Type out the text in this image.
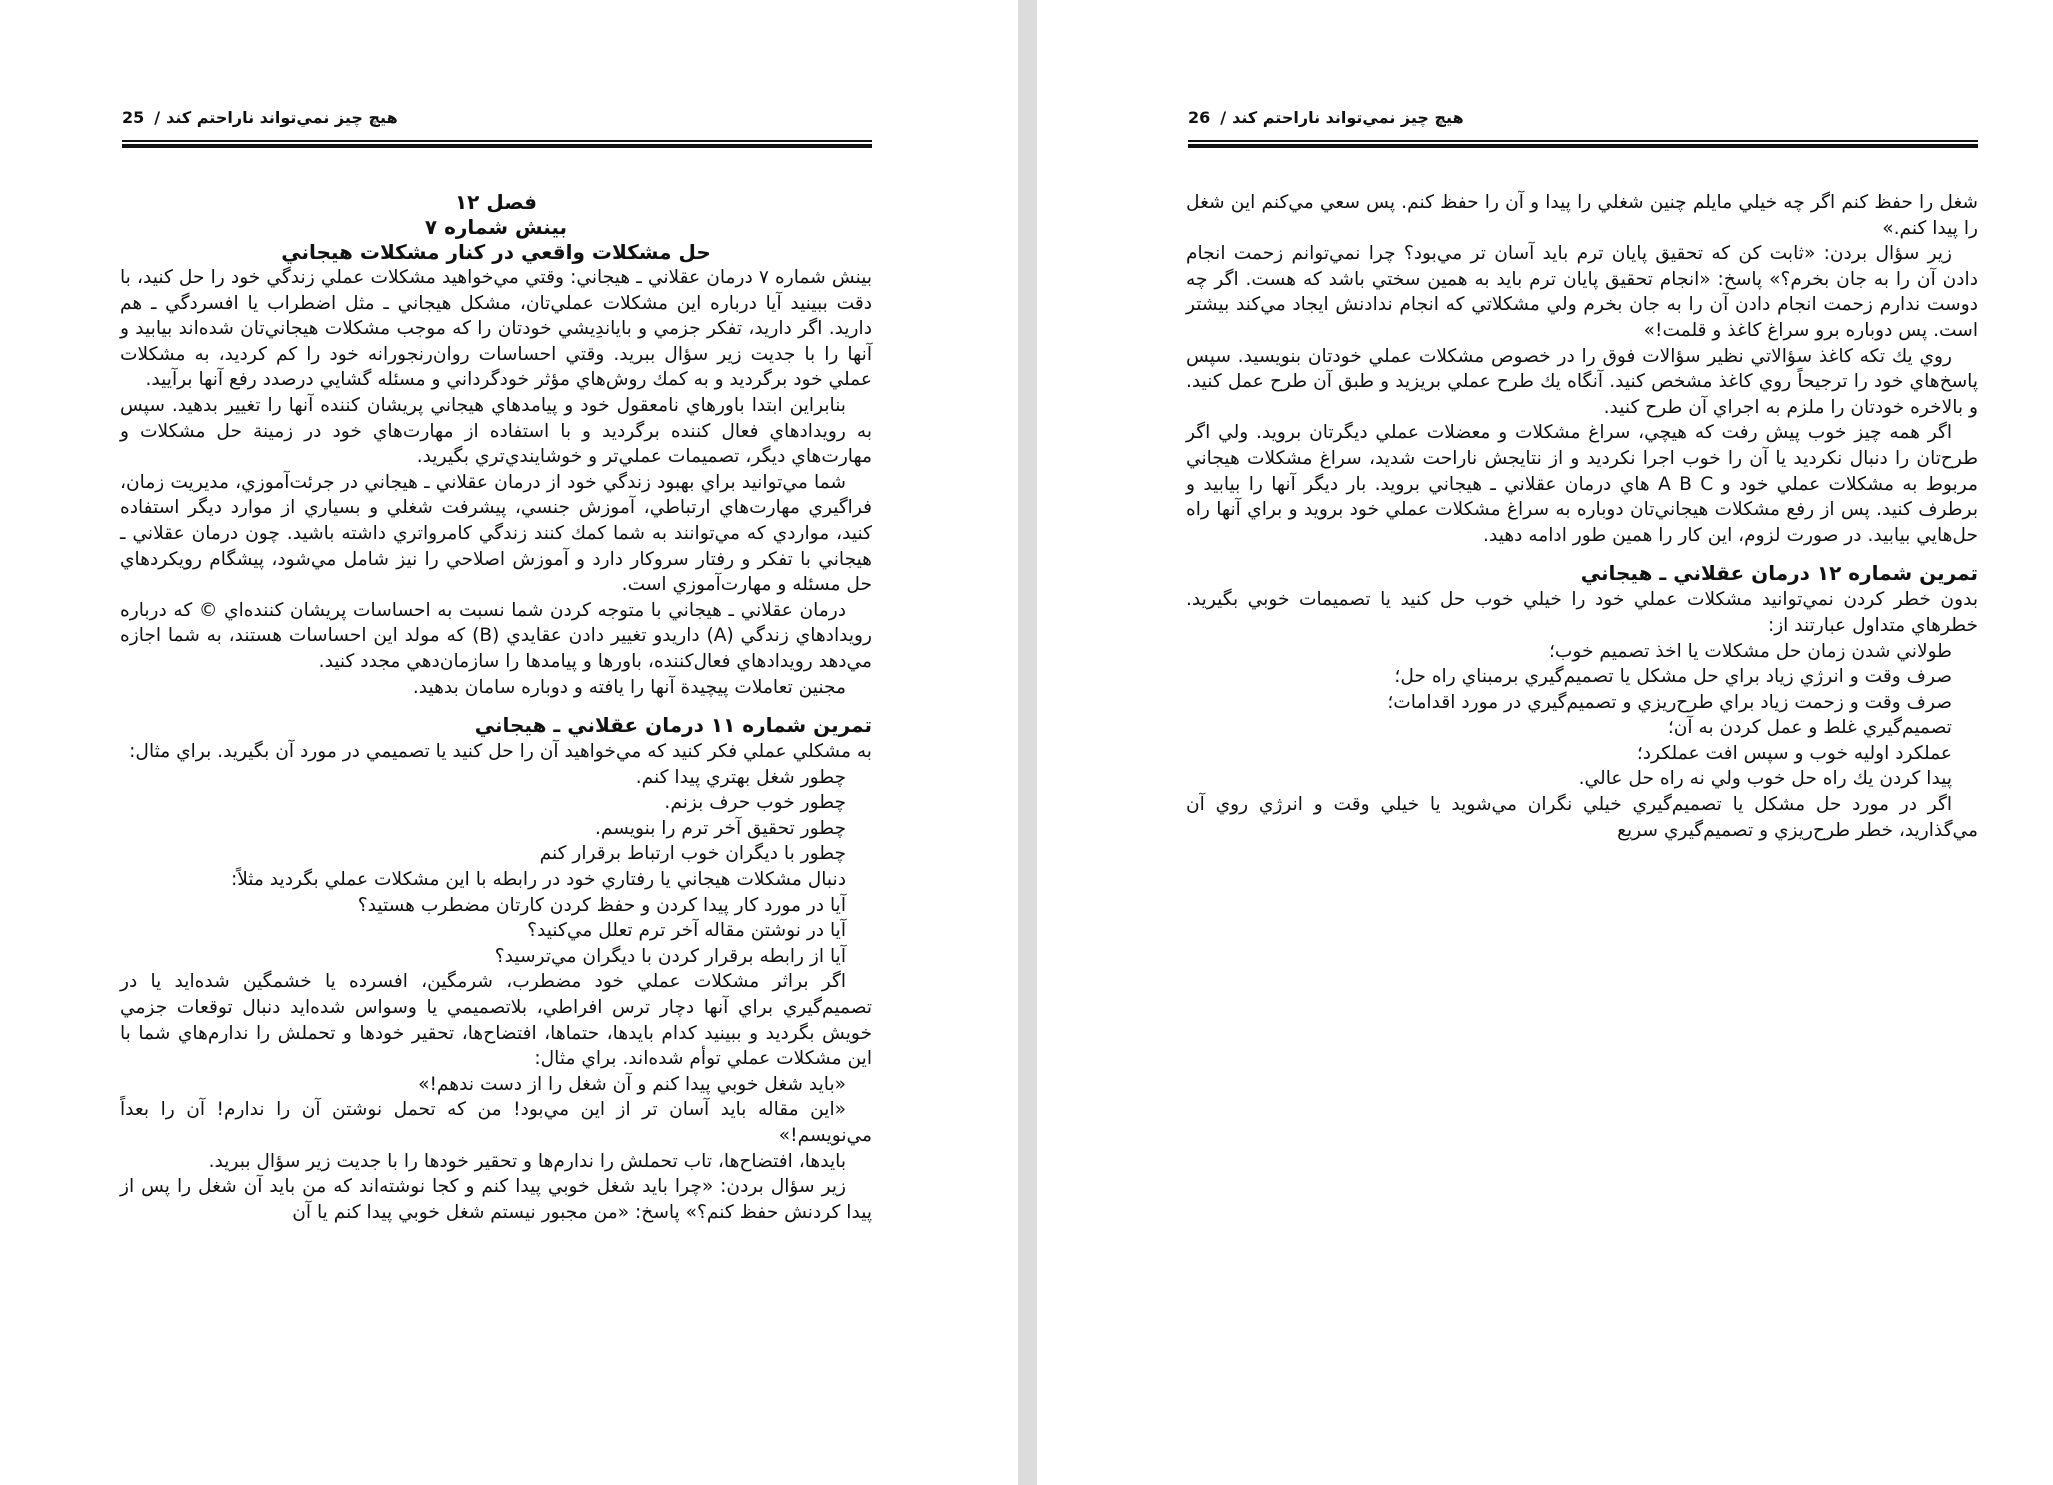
25 / هيچ چيز نمي‌تواند ناراحتم كند
فصل ۱۲
بينش شماره ۷
حل مشكلات واقعي در كنار مشكلات هيجاني

بينش شماره ۷ درمان عقلاني ـ هيجاني: وقتي مي‌خواهيد مشكلات عملي زندگي خود را حل كنيد، با دقت ببينيد آيا درباره اين مشكلات عملي‌تان، مشكل هيجاني ـ مثل اضطراب يا افسردگي ـ هم داريد. اگر داريد، تفكر جزمي و باياندِيشي خودتان را كه موجب مشكلات هيجاني‌تان شده‌اند بيابيد و آنها را با جديت زير سؤال ببريد. وقتي احساسات روان‌رنجورانه خود را كم كرديد، به مشكلات عملي خود برگرديد و به كمك روش‌هاي مؤثر خودگرداني و مسئله گشايي درصدد رفع آنها برآييد.

بنابراين ابتدا باورهاي نامعقول خود و پيامدهاي هيجاني پريشان كننده آنها را تغيير بدهيد. سپس به رويدادهاي فعال كننده برگرديد و با استفاده از مهارت‌هاي خود در زمينة حل مشكلات و مهارت‌هاي ديگر، تصميمات عملي‌تر و خوشايندي‌تري بگيريد.

شما مي‌توانيد براي بهبود زندگي خود از درمان عقلاني ـ هيجاني در جرئت‌آموزي، مديريت زمان، فراگيري مهارت‌هاي ارتباطي، آموزش جنسي، پيشرفت شغلي و بسياري از موارد ديگر استفاده كنيد، مواردي كه مي‌توانند به شما كمك كنند زندگي كامرواتري داشته باشيد. چون درمان عقلاني ـ هيجاني با تفكر و رفتار سروكار دارد و آموزش اصلاحي را نيز شامل مي‌شود، پيشگام رويكردهاي حل مسئله و مهارت‌آموزي است.

درمان عقلاني ـ هيجاني با متوجه كردن شما نسبت به احساسات پريشان كننده‌اي © كه درباره رويدادهاي زندگي (A) داريدو تغيير دادن عقايدي (B) كه مولد اين احساسات هستند، به شما اجازه مي‌دهد رويدادهاي فعال‌كننده، باورها و پيامدها را سازمان‌دهي مجدد كنيد.

مجنين تعاملات پيچيدة آنها را يافته و دوباره سامان بدهيد.

تمرين شماره ۱۱ درمان عقلاني ـ هيجاني

به مشكلي عملي فكر كنيد كه مي‌خواهيد آن را حل كنيد يا تصميمي در مورد آن بگيريد. براي مثال:

چطور شغل بهتري پيدا كنم.

چطور خوب حرف بزنم.

چطور تحقيق آخر ترم را بنويسم.

چطور با ديگران خوب ارتباط برقرار كنم

دنبال مشكلات هيجاني يا رفتاري خود در رابطه با اين مشكلات عملي بگرديد مثلاً:

آيا در مورد كار پيدا كردن و حفظ كردن كارتان مضطرب هستيد؟

آيا در نوشتن مقاله آخر ترم تعلل مي‌كنيد؟

آيا از رابطه برقرار كردن با ديگران مي‌ترسيد؟

اگر براثر مشكلات عملي خود مضطرب، شرمگين، افسرده يا خشمگين شده‌ايد يا در تصميم‌گيري براي آنها دچار ترس افراطي، بلاتصميمي يا وسواس شده‌ايد دنبال توقعات جزمي خويش بگرديد و ببينيد كدام بايدها، حتماها، افتضاح‌ها، تحقير خودها و تحملش را ندارم‌هاي شما با اين مشكلات عملي توأم شده‌اند. براي مثال:

«بايد شغل خوبي پيدا كنم و آن شغل را از دست ندهم!»

«اين مقاله بايد آسان تر از اين مي‌بود! من كه تحمل نوشتن آن را ندارم! آن را بعداً مي‌نويسم!»

بايدها، افتضاح‌ها، تاب تحملش را ندارم‌ها و تحقير خودها را با جديت زير سؤال ببريد.

زير سؤال بردن: «چرا بايد شغل خوبي پيدا كنم و كجا نوشته‌اند كه من بايد آن شغل را پس از پيدا كردنش حفظ كنم؟» پاسخ: «من مجبور نيستم شغل خوبي پيدا كنم يا آن

26 / هيچ چيز نمي‌تواند ناراحتم كند

شغل را حفظ كنم اگر چه خيلي مايلم چنين شغلي را پيدا و آن را حفظ كنم. پس سعي مي‌كنم اين شغل را پيدا كنم.»

زير سؤال بردن: «ثابت كن كه تحقيق پايان ترم بايد آسان تر مي‌بود؟ چرا نمي‌توانم زحمت انجام دادن آن را به جان بخرم؟» پاسخ: «انجام تحقيق پايان ترم بايد به همين سختي باشد كه هست. اگر چه دوست ندارم زحمت انجام دادن آن را به جان بخرم ولي مشكلاتي كه انجام ندادنش ايجاد مي‌كند بيشتر است. پس دوباره برو سراغ كاغذ و قلمت!»

روي يك تكه كاغذ سؤالاتي نظير سؤالات فوق را در خصوص مشكلات عملي خودتان بنويسيد. سپس پاسخ‌هاي خود را ترجيحاً روي كاغذ مشخص كنيد. آنگاه يك طرح عملي بريزيد و طبق آن طرح عمل كنيد. و بالاخره خودتان را ملزم به اجراي آن طرح كنيد.

اگر همه چيز خوب پيش رفت كه هيچي، سراغ مشكلات و معضلات عملي ديگرتان برويد. ولي اگر طرح‌تان را دنبال نكرديد يا آن را خوب اجرا نكرديد و از نتايجش ناراحت شديد، سراغ مشكلات هيجاني مربوط به مشكلات عملي خود و A B C هاي درمان عقلاني ـ هيجاني برويد. بار ديگر آنها را بيابيد و برطرف كنيد. پس از رفع مشكلات هيجاني‌تان دوباره به سراغ مشكلات عملي خود برويد و براي آنها راه حل‌هايي بيابيد. در صورت لزوم، اين كار را همين طور ادامه دهيد.

تمرين شماره ۱۲ درمان عقلاني ـ هيجاني

بدون خطر كردن نمي‌توانيد مشكلات عملي خود را خيلي خوب حل كنيد يا تصميمات خوبي بگيريد. خطرهاي متداول عبارتند از:

طولاني شدن زمان حل مشكلات يا اخذ تصميم خوب؛

صرف وقت و انرژي زياد براي حل مشكل يا تصميم‌گيري برمبناي راه حل؛

صرف وقت و زحمت زياد براي طرح‌ريزي و تصميم‌گيري در مورد اقدامات؛

تصميم‌گيري غلط و عمل كردن به آن؛

عملكرد اوليه خوب و سپس افت عملكرد؛

پيدا كردن يك راه حل خوب ولي نه راه حل عالي.

اگر در مورد حل مشكل يا تصميم‌گيري خيلي نگران مي‌شويد يا خيلي وقت و انرژي روي آن مي‌گذاريد، خطر طرح‌ريزي و تصميم‌گيري سريع
